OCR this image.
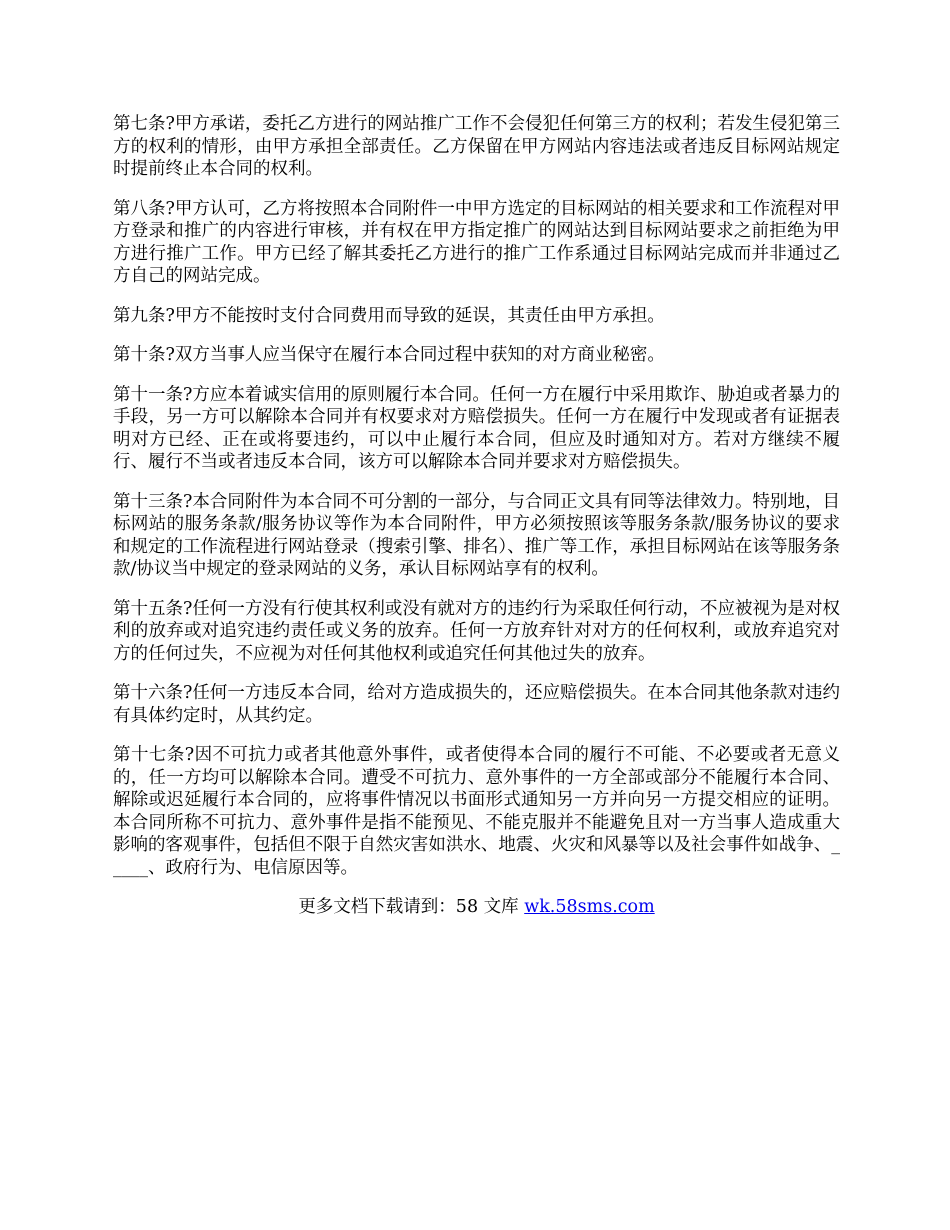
第七条?甲方承诺，委托乙方进行的网站推广工作不会侵犯任何第三方的权利；若发生侵犯第三方的权利的情形，由甲方承担全部责任。乙方保留在甲方网站内容违法或者违反目标网站规定时提前终止本合同的权利。

第八条?甲方认可，乙方将按照本合同附件一中甲方选定的目标网站的相关要求和工作流程对甲方登录和推广的内容进行审核，并有权在甲方指定推广的网站达到目标网站要求之前拒绝为甲方进行推广工作。甲方已经了解其委托乙方进行的推广工作系通过目标网站完成而并非通过乙方自己的网站完成。

第九条?甲方不能按时支付合同费用而导致的延误，其责任由甲方承担。

第十条?双方当事人应当保守在履行本合同过程中获知的对方商业秘密。

第十一条?方应本着诚实信用的原则履行本合同。任何一方在履行中采用欺诈、胁迫或者暴力的手段，另一方可以解除本合同并有权要求对方赔偿损失。任何一方在履行中发现或者有证据表明对方已经、正在或将要违约，可以中止履行本合同，但应及时通知对方。若对方继续不履行、履行不当或者违反本合同，该方可以解除本合同并要求对方赔偿损失。

第十三条?本合同附件为本合同不可分割的一部分，与合同正文具有同等法律效力。特别地，目标网站的服务条款/服务协议等作为本合同附件，甲方必须按照该等服务条款/服务协议的要求和规定的工作流程进行网站登录（搜索引擎、排名）、推广等工作，承担目标网站在该等服务条款/协议当中规定的登录网站的义务，承认目标网站享有的权利。

第十五条?任何一方没有行使其权利或没有就对方的违约行为采取任何行动，不应被视为是对权利的放弃或对追究违约责任或义务的放弃。任何一方放弃针对对方的任何权利，或放弃追究对方的任何过失，不应视为对任何其他权利或追究任何其他过失的放弃。

第十六条?任何一方违反本合同，给对方造成损失的，还应赔偿损失。在本合同其他条款对违约有具体约定时，从其约定。

第十七条?因不可抗力或者其他意外事件，或者使得本合同的履行不可能、不必要或者无意义的，任一方均可以解除本合同。遭受不可抗力、意外事件的一方全部或部分不能履行本合同、解除或迟延履行本合同的，应将事件情况以书面形式通知另一方并向另一方提交相应的证明。本合同所称不可抗力、意外事件是指不能预见、不能克服并不能避免且对一方当事人造成重大影响的客观事件，包括但不限于自然灾害如洪水、地震、火灾和风暴等以及社会事件如战争、_____、政府行为、电信原因等。

更多文档下载请到：58 文库 wk.58sms.com
